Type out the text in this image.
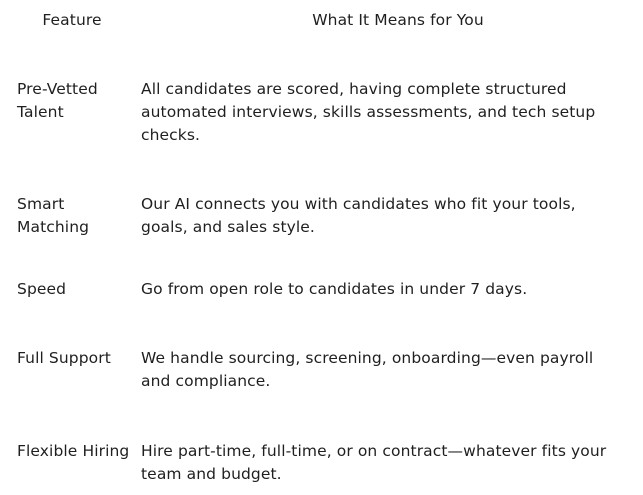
Feature	What It Means for You
Pre-Vetted Talent	All candidates are scored, having complete structured automated interviews, skills assessments, and tech setup checks.
Smart Matching	Our AI connects you with candidates who fit your tools, goals, and sales style.
Speed	Go from open role to candidates in under 7 days.
Full Support	We handle sourcing, screening, onboarding—even payroll and compliance.
Flexible Hiring	Hire part-time, full-time, or on contract—whatever fits your team and budget.
